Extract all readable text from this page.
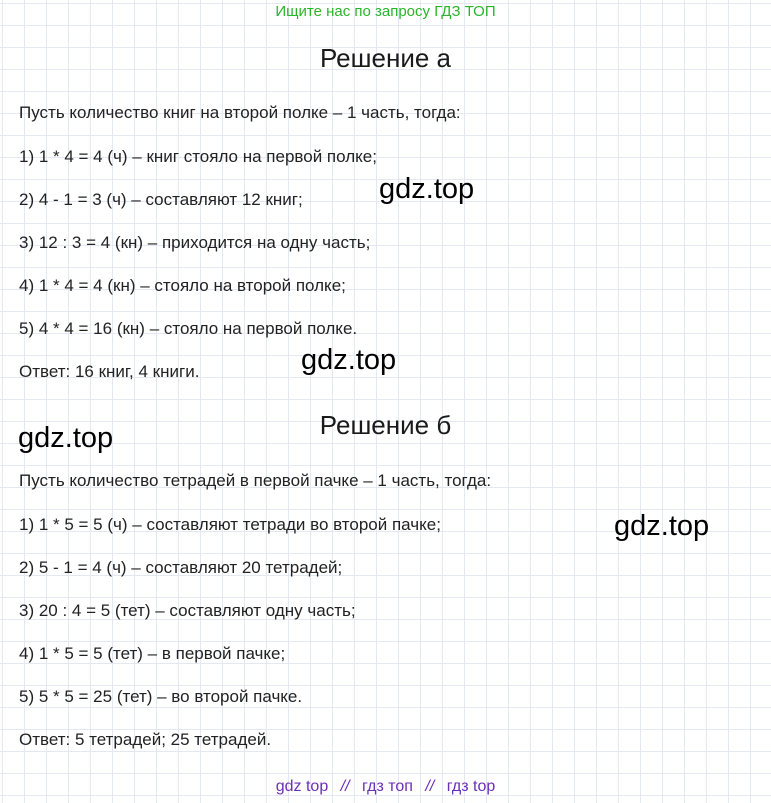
Ищите нас по запросу ГДЗ ТОП
Решение а
Пусть количество книг на второй полке – 1 часть, тогда:
1) 1 * 4 = 4 (ч) – книг стояло на первой полке;
2) 4 - 1 = 3 (ч) – составляют 12 книг;
3) 12 : 3 = 4 (кн) – приходится на одну часть;
4) 1 * 4 = 4 (кн) – стояло на второй полке;
5) 4 * 4 = 16 (кн) – стояло на первой полке.
Ответ: 16 книг, 4 книги.
Решение б
Пусть количество тетрадей в первой пачке – 1 часть, тогда:
1) 1 * 5 = 5 (ч) – составляют тетради во второй пачке;
2) 5 - 1 = 4 (ч) – составляют 20 тетрадей;
3) 20 : 4 = 5 (тет) – составляют одну часть;
4) 1 * 5 = 5 (тет) – в первой пачке;
5) 5 * 5 = 25 (тет) – во второй пачке.
Ответ: 5 тетрадей; 25 тетрадей.
gdz.top
gdz.top
gdz.top
gdz.top
gdz top // гдз топ // гдз top
